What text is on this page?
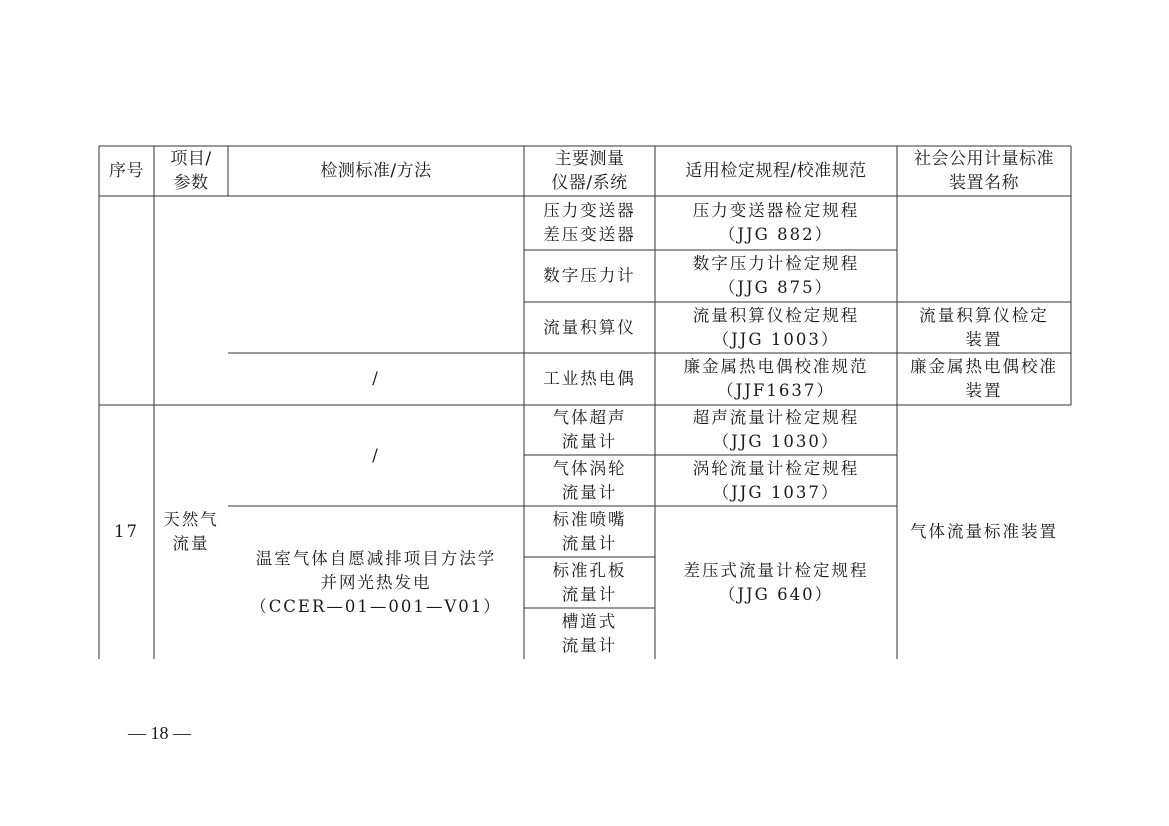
序号
项目/
参数
检测标准/方法
主要测量
仪器/系统
适用检定规程/校准规范
社会公用计量标准
装置名称
压力变送器
差压变送器
压力变送器检定规程
（JJG 882）
数字压力计
数字压力计检定规程
（JJG 875）
流量积算仪
流量积算仪检定规程
（JJG 1003）
流量积算仪检定
装置
/	工业热电偶
廉金属热电偶校准规范
（JJF1637）
廉金属热电偶校准
装置
17
天然气
流量
/
气体超声
流量计
超声流量计检定规程
（JJG 1030）
气体涡轮
流量计
涡轮流量计检定规程
（JJG 1037）
温室气体自愿减排项目方法学
并网光热发电
（CCER—01—001—V01）
标准喷嘴
流量计
标准孔板
流量计
槽道式
流量计
差压式流量计检定规程
（JJG 640）
气体流量标准装置
— 18 —
